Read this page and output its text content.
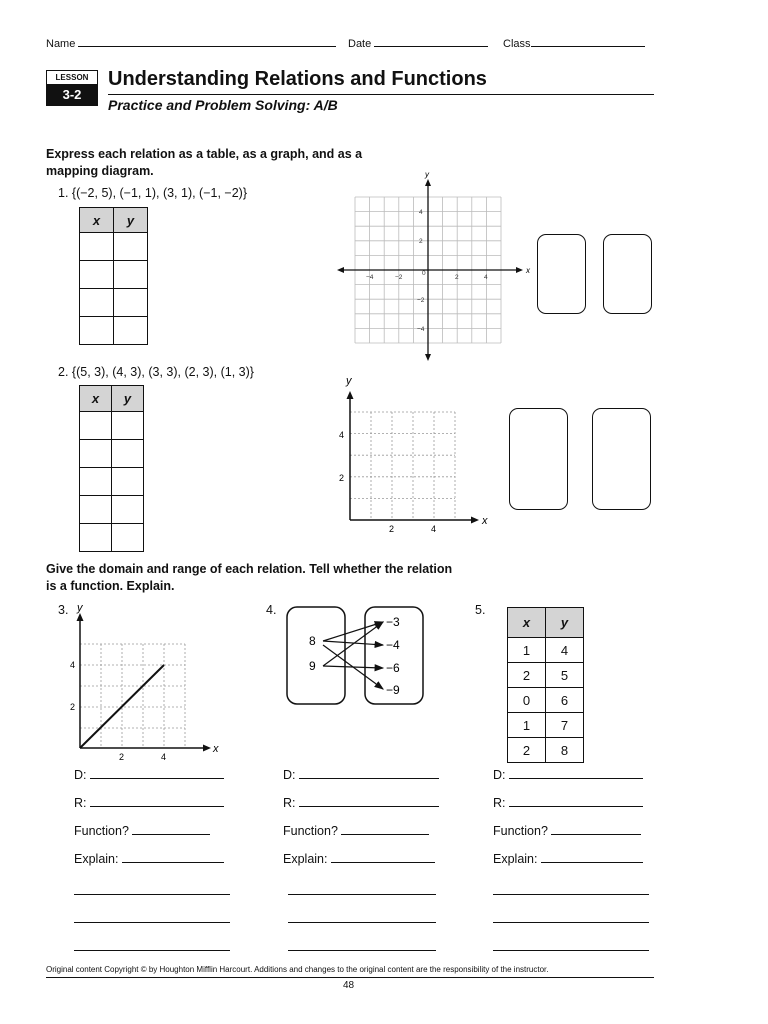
Name	Date	Class
LESSON
3-2
Understanding Relations and Functions
Practice and Problem Solving: A/B
Express each relation as a table, as a graph, and as a
mapping diagram.
1. {(−2, 5), (−1, 1), (3, 1), (−1, −2)}
x	y

x
y
−4	−2
0
2	4
4
2
−2
−4
2. {(5, 3), (4, 3), (3, 3), (2, 3), (1, 3)}
x	y

x
y
2	4
4
2
Give the domain and range of each relation. Tell whether the relation
is a function. Explain.
3.
x
y
2	4
4
2
4.
8
9
−3
−4
−6
−9
5.
x	y
1	4
2	5
0	6
1	7
2	8
D:
R:
Function?
Explain:
D:
R:
Function?
Explain:
D:
R:
Function?
Explain:
Original content Copyright © by Houghton Mifflin Harcourt. Additions and changes to the original content are the responsibility of the instructor.
48
